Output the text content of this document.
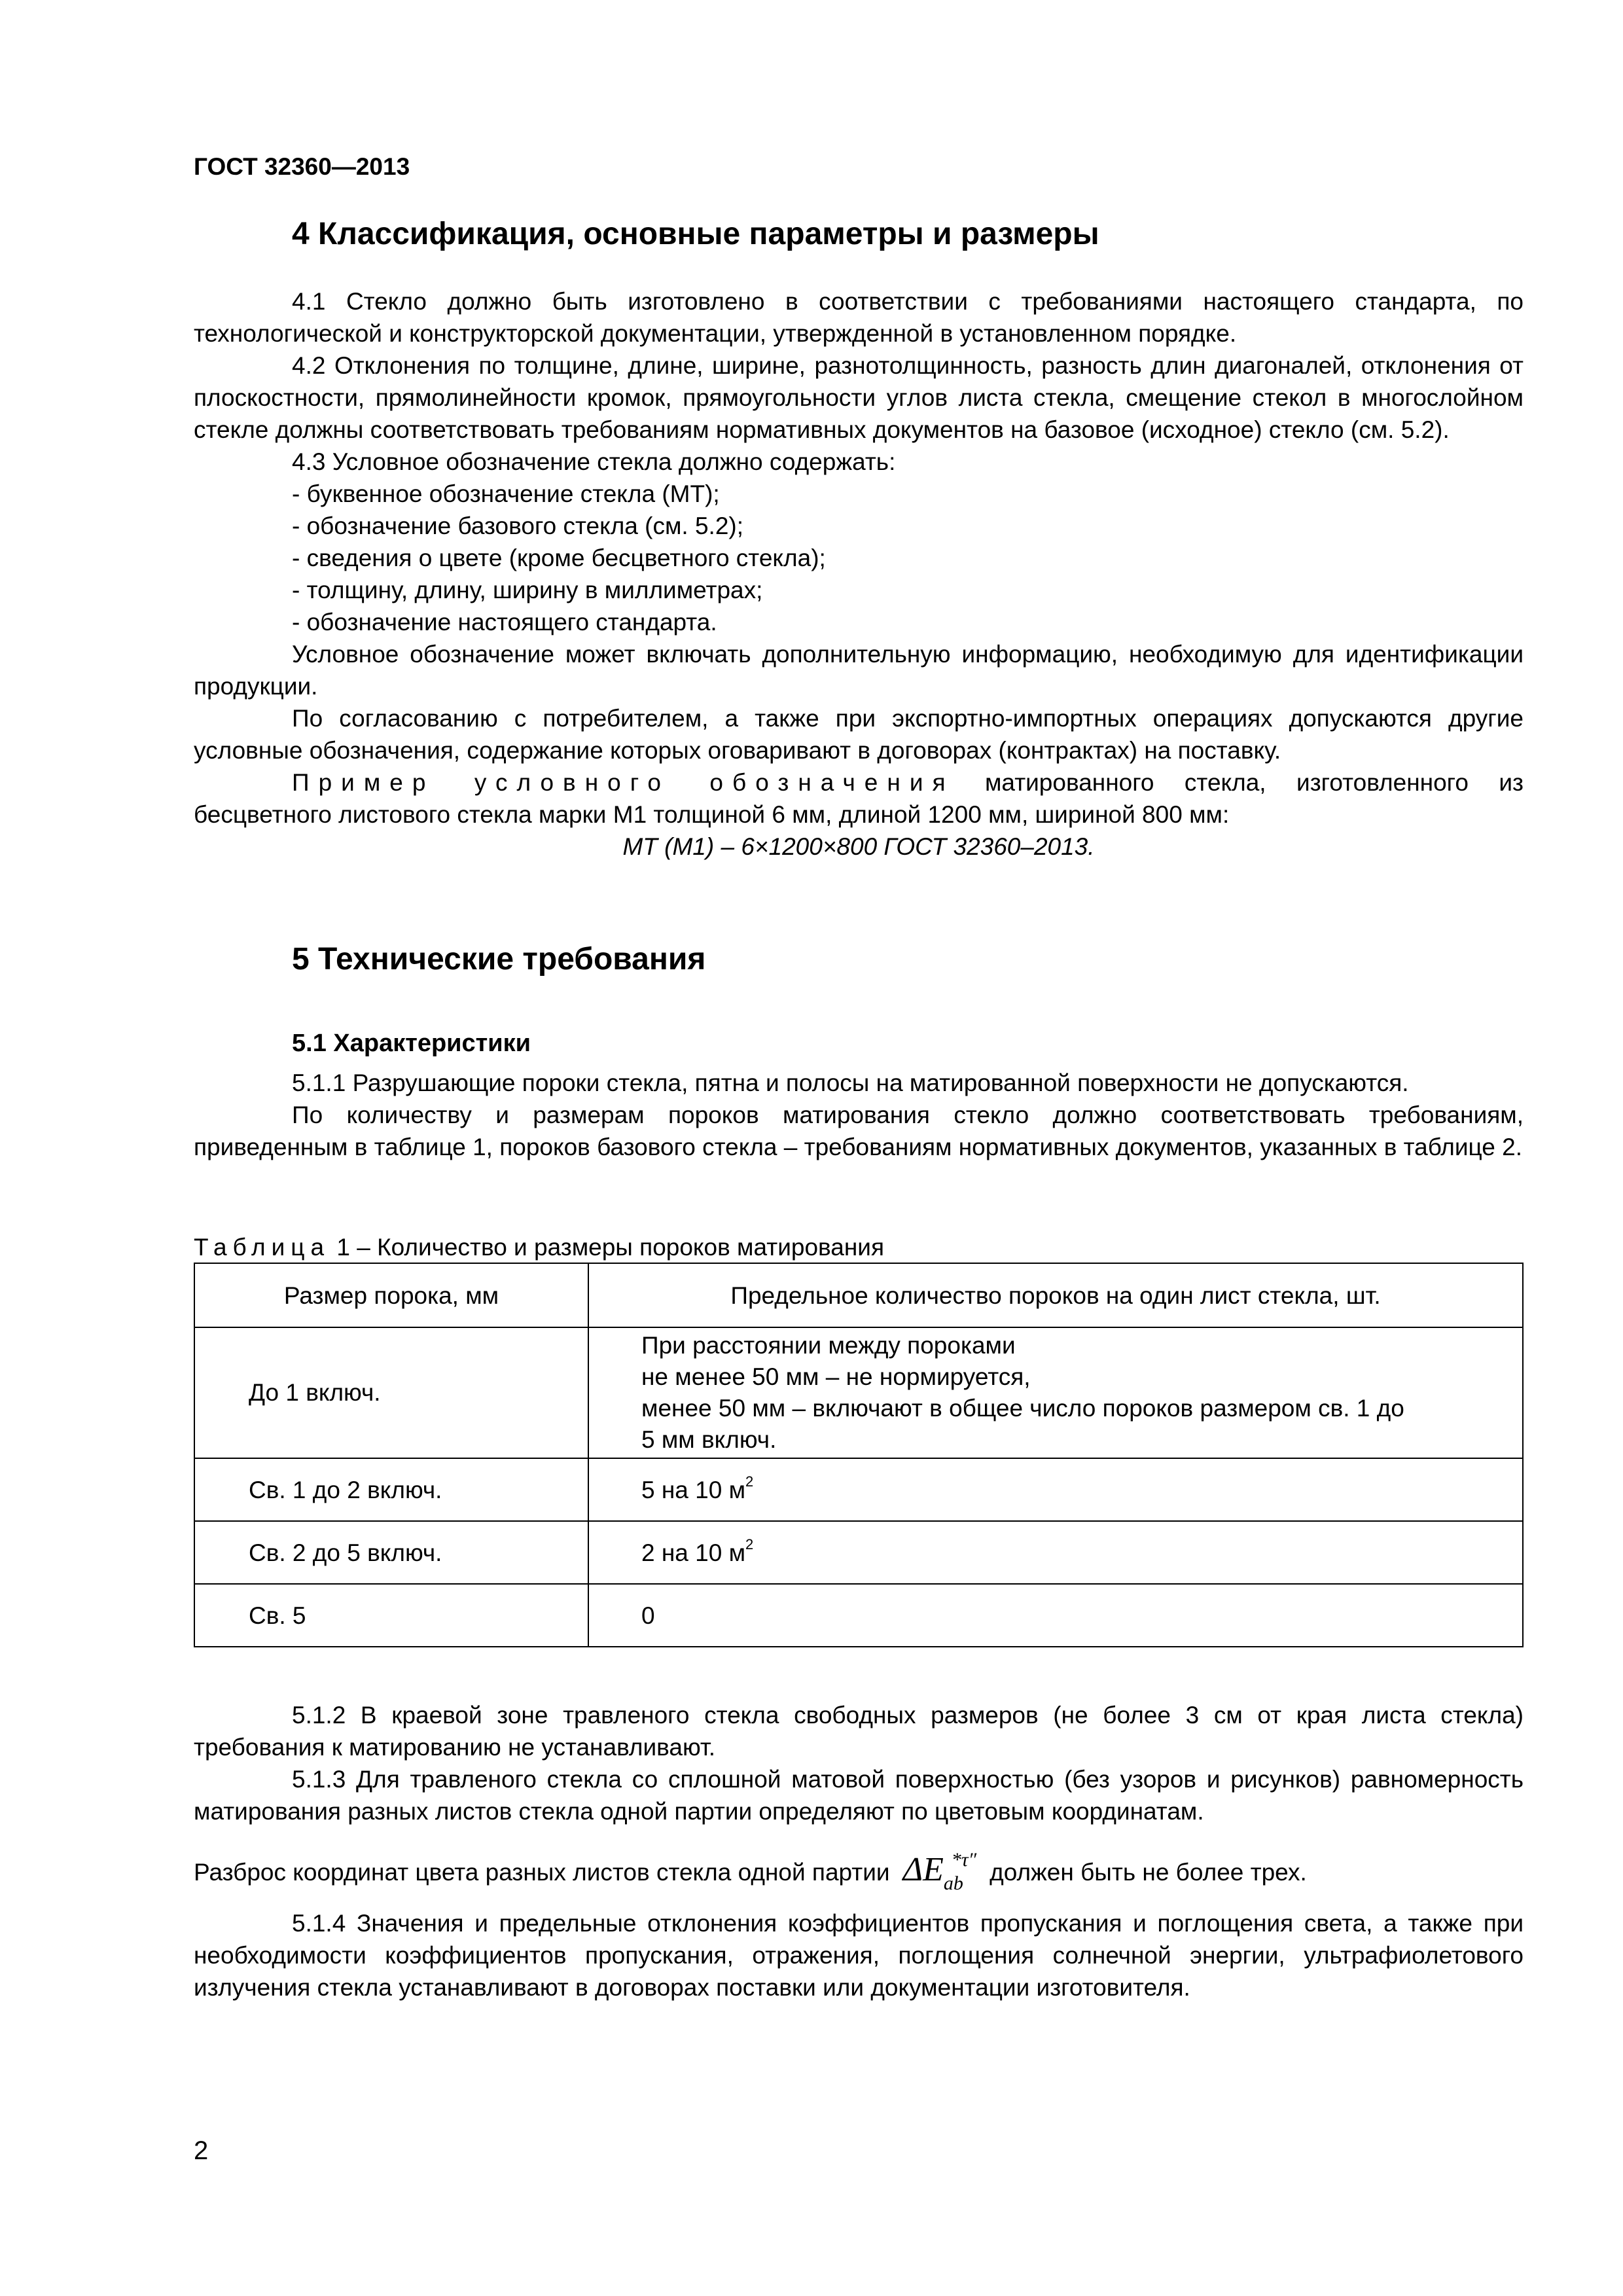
ГОСТ 32360—2013
4 Классификация, основные параметры и размеры

4.1 Стекло должно быть изготовлено в соответствии с требованиями настоящего стандарта, по технологической и конструкторской документации, утвержденной в установленном порядке.

4.2 Отклонения по толщине, длине, ширине, разнотолщинность, разность длин диагоналей, отклонения от плоскостности, прямолинейности кромок, прямоугольности углов листа стекла, смещение стекол в многослойном стекле должны соответствовать требованиям нормативных документов на базовое (исходное) стекло (см. 5.2).

4.3 Условное обозначение стекла должно содержать:

- буквенное обозначение стекла (МТ);

- обозначение базового стекла (см. 5.2);

- сведения о цвете (кроме бесцветного стекла);

- толщину, длину, ширину в миллиметрах;

- обозначение настоящего стандарта.

Условное обозначение может включать дополнительную информацию, необходимую для идентификации продукции.

По согласованию с потребителем, а также при экспортно-импортных операциях допускаются другие условные обозначения, содержание которых оговаривают в договорах (контрактах) на поставку.

Пример условного обозначения матированного стекла, изготовленного из бесцветного листового стекла марки М1 толщиной 6 мм, длиной 1200 мм, шириной 800 мм:

МТ (М1) – 6×1200×800 ГОСТ 32360–2013.

5 Технические требования
5.1 Характеристики

5.1.1 Разрушающие пороки стекла, пятна и полосы на матированной поверхности не допускаются.

По количеству и размерам пороков матирования стекло должно соответствовать требованиям, приведенным в таблице 1, пороков базового стекла – требованиям нормативных документов, указанных в таблице 2.

Таблица 1 – Количество и размеры пороков матирования
Размер порока, мм	Предельное количество пороков на один лист стекла, шт.
До 1 включ.	При расстоянии между пороками
не менее 50 мм – не нормируется,
менее 50 мм – включают в общее число пороков размером св. 1 до
5 мм включ.

Св. 1 до 2 включ.	5 на 10 $м^2$
Св. 2 до 5 включ.	2 на 10 $м^2$
Св. 5	0

5.1.2 В краевой зоне травленого стекла свободных размеров (не более 3 см от края листа стекла) требования к матированию не устанавливают.

5.1.3 Для травленого стекла со сплошной матовой поверхностью (без узоров и рисунков) равномерность матирования разных листов стекла одной партии определяют по цветовым координатам.

Разброс координат цвета разных листов стекла одной партии $\Delta E_{ab}^{*\tau''}$ должен быть не более трех.

5.1.4 Значения и предельные отклонения коэффициентов пропускания и поглощения света, а также при необходимости коэффициентов пропускания, отражения, поглощения солнечной энергии, ультрафиолетового излучения стекла устанавливают в договорах поставки или документации изготовителя.

2
